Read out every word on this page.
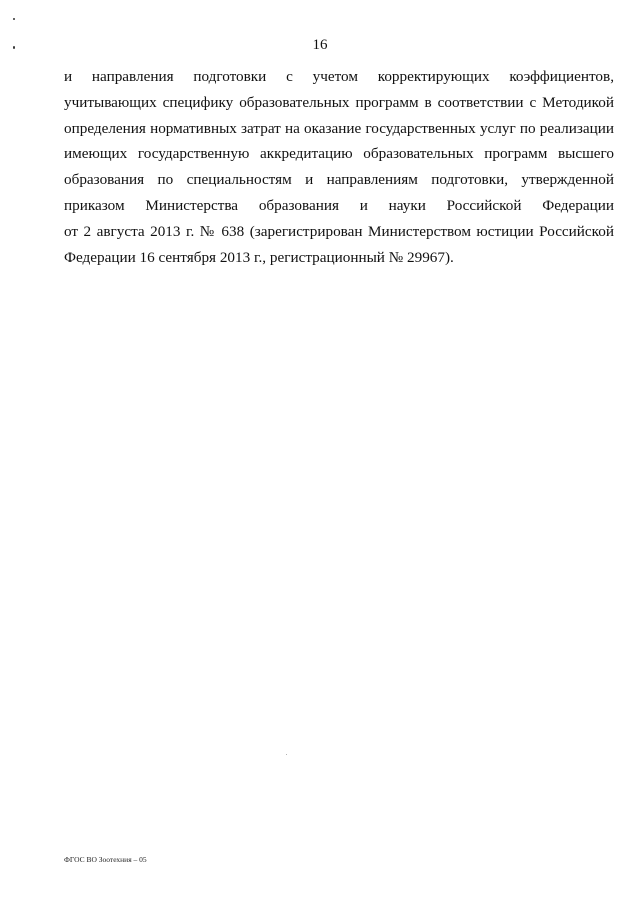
16

и направления подготовки с учетом корректирующих коэффициентов,
учитывающих специфику образовательных программ в соответствии с Методикой
определения нормативных затрат на оказание государственных услуг по реализации
имеющих государственную аккредитацию образовательных программ высшего
образования по специальностям и направлениям подготовки, утвержденной
приказом Министерства образования и науки Российской Федерации
от 2 августа 2013 г. № 638 (зарегистрирован Министерством юстиции Российской
Федерации 16 сентября 2013 г., регистрационный № 29967).

ФГОС ВО Зоотехния – 05
